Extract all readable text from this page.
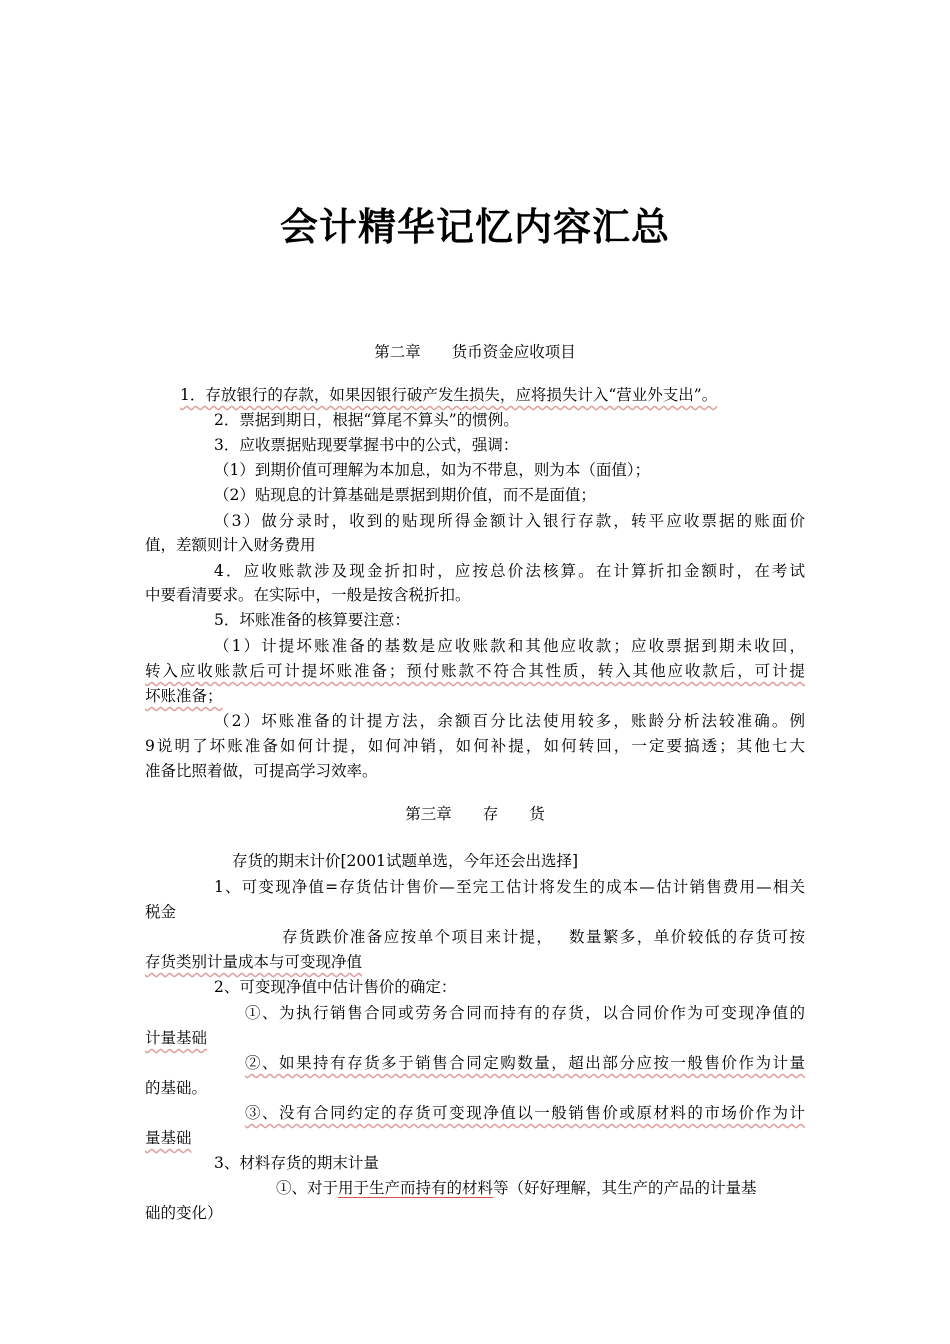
会计精华记忆内容汇总
第二章　　货币资金应收项目
1．存放银行的存款，如果因银行破产发生损失，应将损失计入“营业外支出”。
2．票据到期日，根据“算尾不算头”的惯例。
3．应收票据贴现要掌握书中的公式，强调：
（1）到期价值可理解为本加息，如为不带息，则为本（面值）；
（2）贴现息的计算基础是票据到期价值，而不是面值；
（3）做分录时，收到的贴现所得金额计入银行存款，转平应收票据的账面价
值，差额则计入财务费用
4．应收账款涉及现金折扣时，应按总价法核算。在计算折扣金额时，在考试
中要看清要求。在实际中，一般是按含税折扣。
5．坏账准备的核算要注意：
（1）计提坏账准备的基数是应收账款和其他应收款；应收票据到期未收回，
转入应收账款后可计提坏账准备；预付账款不符合其性质，转入其他应收款后，可计提
坏账准备；
（2）坏账准备的计提方法，余额百分比法使用较多，账龄分析法较准确。例
9说明了坏账准备如何计提，如何冲销，如何补提，如何转回，一定要搞透；其他七大
准备比照着做，可提高学习效率。
第三章　　存　　货
存货的期末计价[2001试题单选，今年还会出选择]
1、可变现净值=存货估计售价—至完工估计将发生的成本—估计销售费用—相关
税金
存货跌价准备应按单个项目来计提，　 数量繁多，单价较低的存货可按
存货类别计量成本与可变现净值
2、可变现净值中估计售价的确定：
①、为执行销售合同或劳务合同而持有的存货，以合同价作为可变现净值的
计量基础
②、如果持有存货多于销售合同定购数量，超出部分应按一般售价作为计量
的基础。
③、没有合同约定的存货可变现净值以一般销售价或原材料的市场价作为计
量基础
3、材料存货的期末计量
①、对于用于生产而持有的材料等（好好理解，其生产的产品的计量基
础的变化）
